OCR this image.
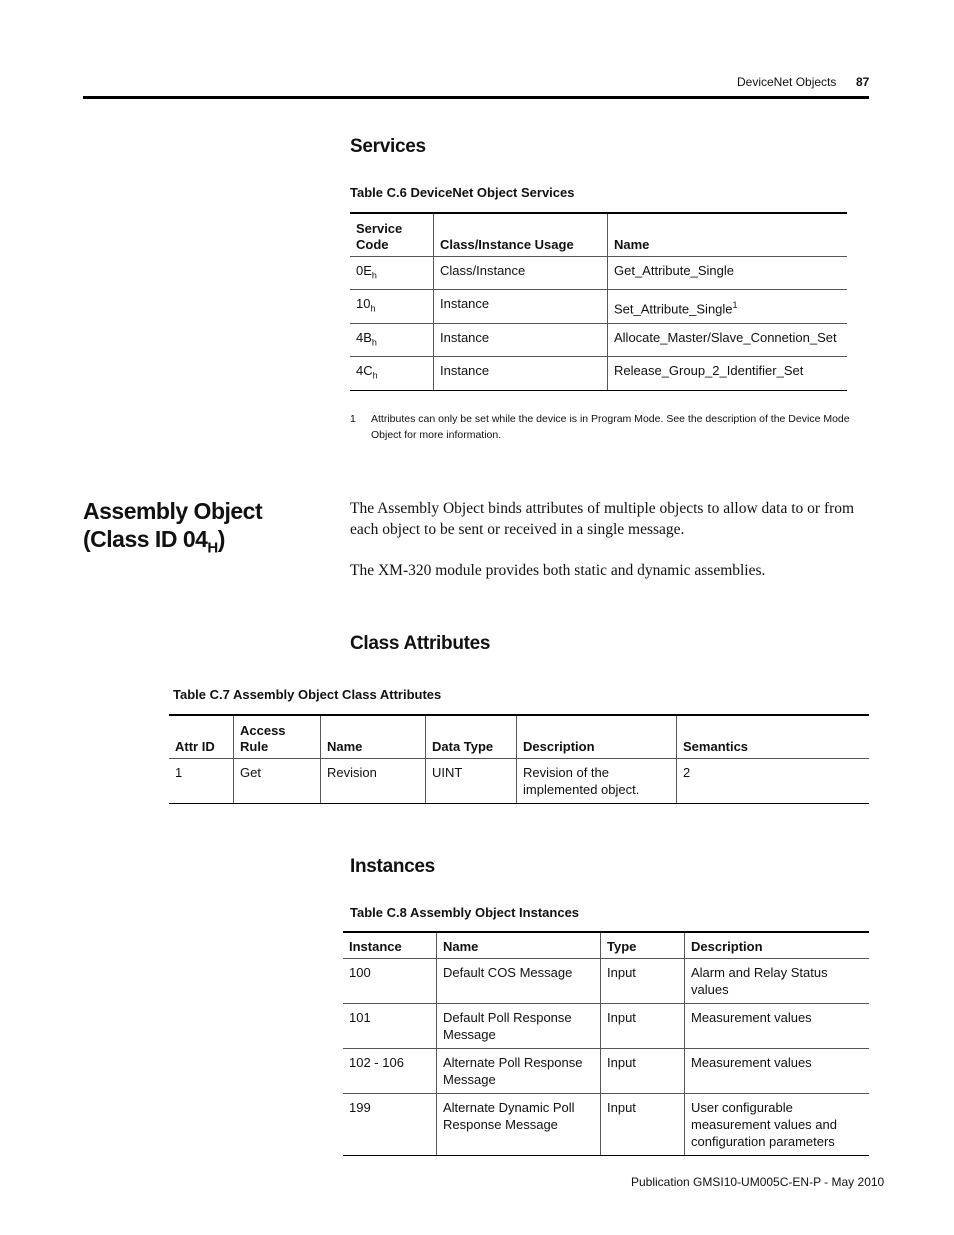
DeviceNet Objects 87
Services
Table C.6 DeviceNet Object Services
Service Code	Class/Instance Usage	Name
$0E_h$	Class/Instance	Get_Attribute_Single
$10_h$	Instance	Set_Attribute_Single$^1$
$4B_h$	Instance	Allocate_Master/Slave_Connetion_Set
$4C_h$	Instance	Release_Group_2_Identifier_Set
1 Attributes can only be set while the device is in Program Mode. See the description of the Device Mode Object for more information.
Assembly Object
(Class ID $04_H$)
The Assembly Object binds attributes of multiple objects to allow data to or from each object to be sent or received in a single message.
The XM-320 module provides both static and dynamic assemblies.
Class Attributes
Table C.7 Assembly Object Class Attributes
Attr ID	Access Rule	Name	Data Type	Description	Semantics
1	Get	Revision	UINT	Revision of the implemented object.	2
Instances
Table C.8 Assembly Object Instances
Instance	Name	Type	Description
100	Default COS Message	Input	Alarm and Relay Status values
101	Default Poll Response Message	Input	Measurement values
102 - 106	Alternate Poll Response Message	Input	Measurement values
199	Alternate Dynamic Poll Response Message	Input	User configurable measurement values and configuration parameters
Publication GMSI10-UM005C-EN-P - May 2010
